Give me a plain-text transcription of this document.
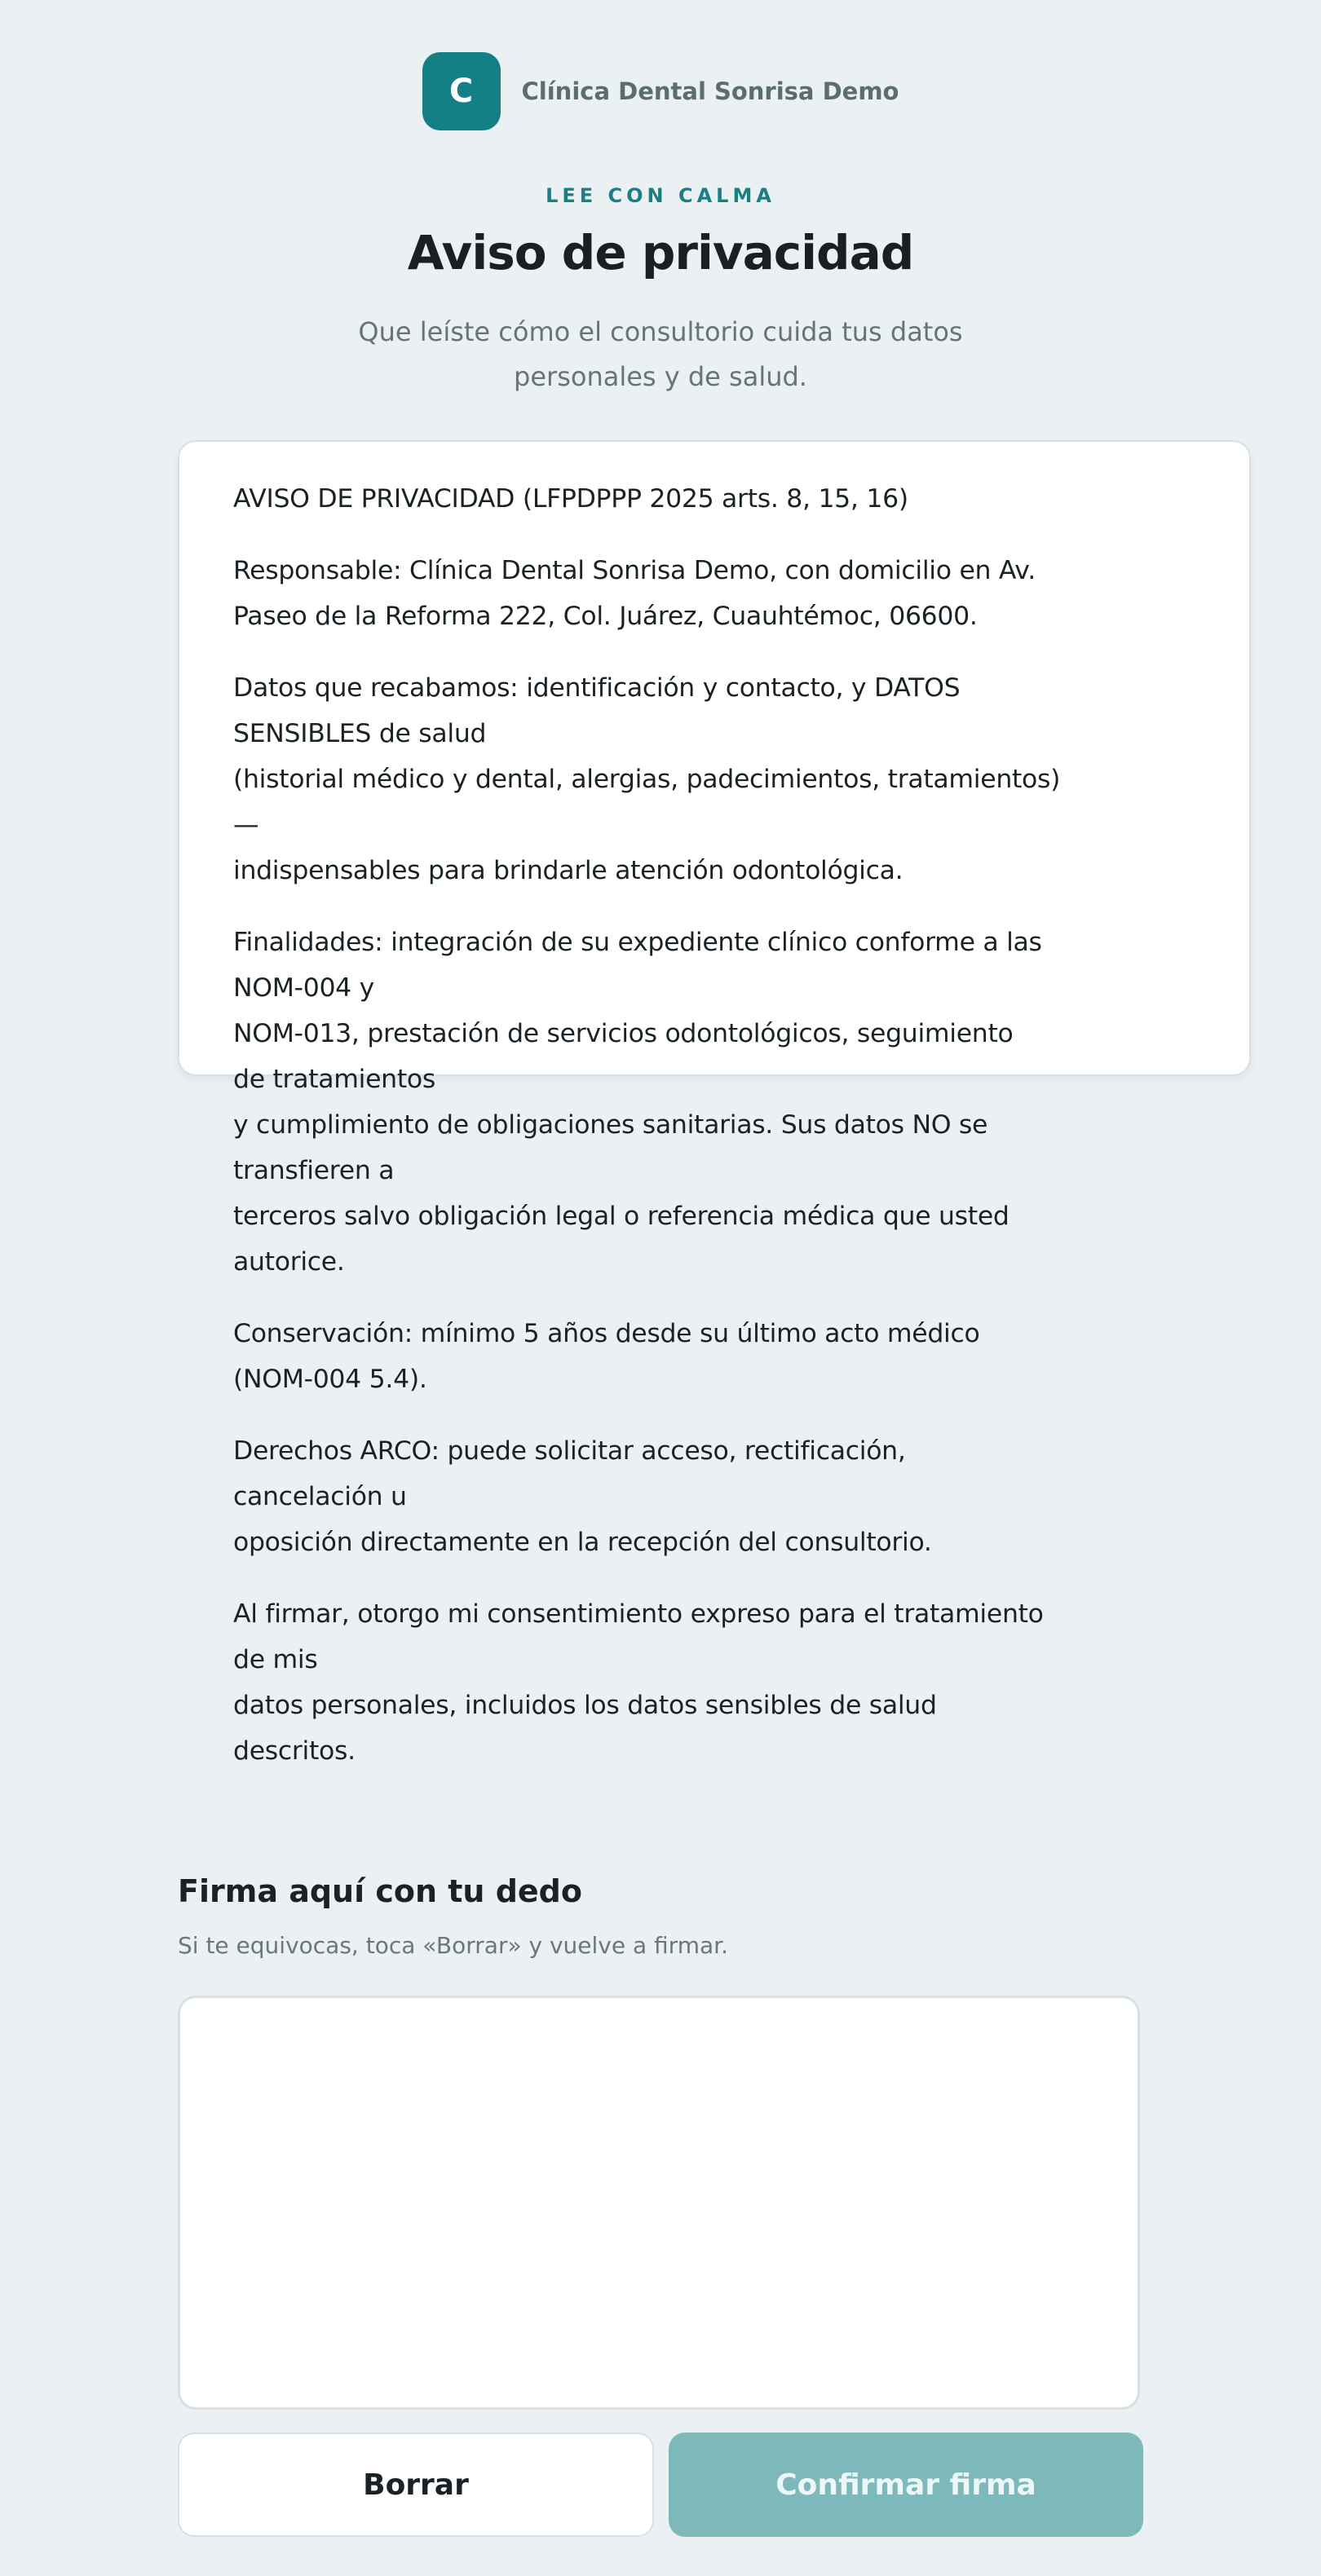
C Clínica Dental Sonrisa Demo
LEE CON CALMA
Aviso de privacidad
Que leíste cómo el consultorio cuida tus datos
personales y de salud.

AVISO DE PRIVACIDAD (LFPDPPP 2025 arts. 8, 15, 16)

Responsable: Clínica Dental Sonrisa Demo, con domicilio en Av.
Paseo de la Reforma 222, Col. Juárez, Cuauhtémoc, 06600.

Datos que recabamos: identificación y contacto, y DATOS
SENSIBLES de salud
(historial médico y dental, alergias, padecimientos, tratamientos)
—
indispensables para brindarle atención odontológica.

Finalidades: integración de su expediente clínico conforme a las
NOM-004 y
NOM-013, prestación de servicios odontológicos, seguimiento
de tratamientos
y cumplimiento de obligaciones sanitarias. Sus datos NO se
transfieren a
terceros salvo obligación legal o referencia médica que usted
autorice.

Conservación: mínimo 5 años desde su último acto médico
(NOM-004 5.4).

Derechos ARCO: puede solicitar acceso, rectificación,
cancelación u
oposición directamente en la recepción del consultorio.

Al firmar, otorgo mi consentimiento expreso para el tratamiento
de mis
datos personales, incluidos los datos sensibles de salud
descritos.

Firma aquí con tu dedo
Si te equivocas, toca «Borrar» y vuelve a firmar.
Borrar	Confirmar firma
